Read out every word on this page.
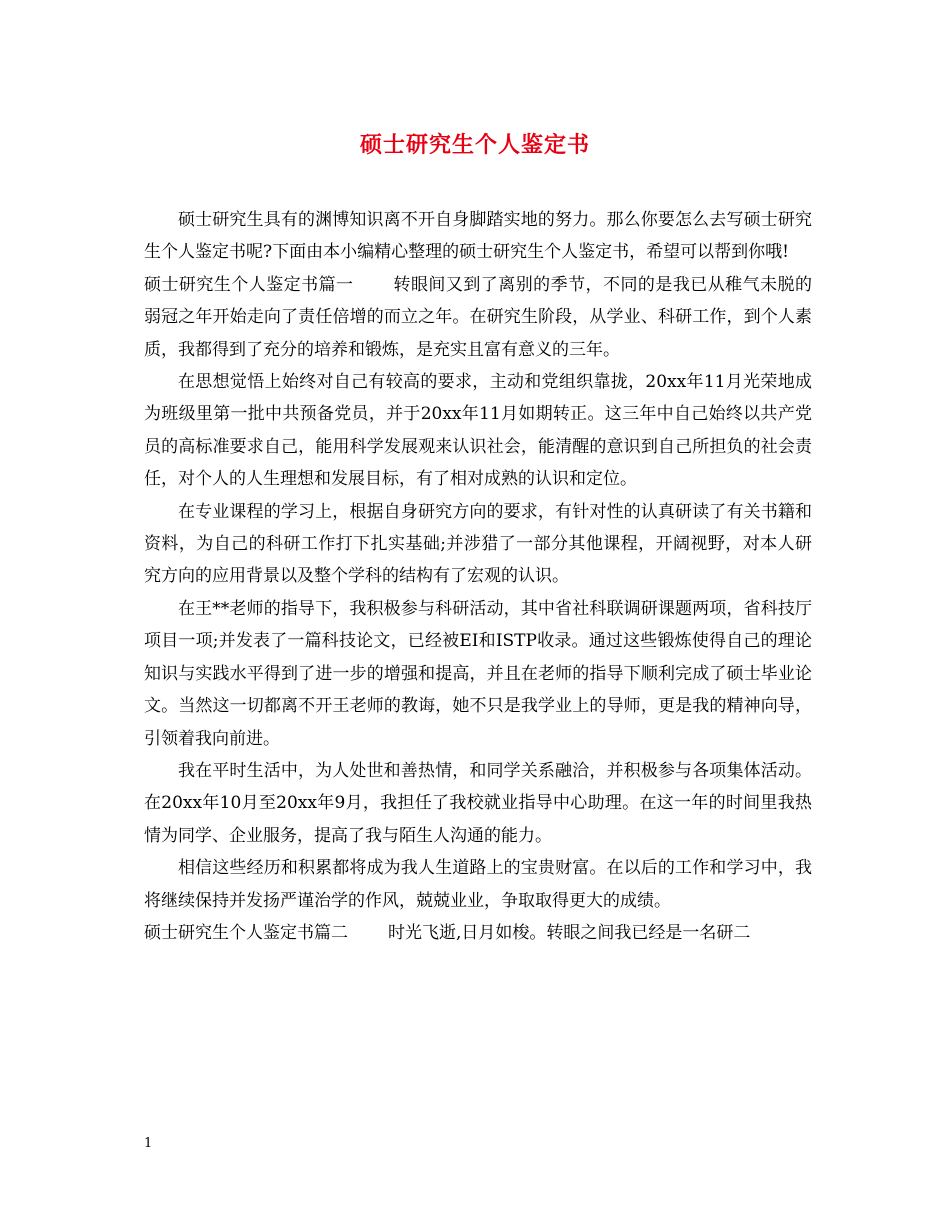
硕士研究生个人鉴定书

硕士研究生具有的渊博知识离不开自身脚踏实地的努力。那么你要怎么去写硕士研究生个人鉴定书呢?下面由本小编精心整理的硕士研究生个人鉴定书，希望可以帮到你哦!

硕士研究生个人鉴定书篇一 转眼间又到了离别的季节，不同的是我已从稚气未脱的弱冠之年开始走向了责任倍增的而立之年。在研究生阶段，从学业、科研工作，到个人素质，我都得到了充分的培养和锻炼，是充实且富有意义的三年。

在思想觉悟上始终对自己有较高的要求，主动和党组织靠拢，20xx年11月光荣地成为班级里第一批中共预备党员，并于20xx年11月如期转正。这三年中自己始终以共产党员的高标准要求自己，能用科学发展观来认识社会，能清醒的意识到自己所担负的社会责任，对个人的人生理想和发展目标，有了相对成熟的认识和定位。

在专业课程的学习上，根据自身研究方向的要求，有针对性的认真研读了有关书籍和资料，为自己的科研工作打下扎实基础;并涉猎了一部分其他课程，开阔视野，对本人研究方向的应用背景以及整个学科的结构有了宏观的认识。

在王**老师的指导下，我积极参与科研活动，其中省社科联调研课题两项，省科技厅项目一项;并发表了一篇科技论文，已经被EI和ISTP收录。通过这些锻炼使得自己的理论知识与实践水平得到了进一步的增强和提高，并且在老师的指导下顺利完成了硕士毕业论文。当然这一切都离不开王老师的教诲，她不只是我学业上的导师，更是我的精神向导，引领着我向前进。

我在平时生活中，为人处世和善热情，和同学关系融洽，并积极参与各项集体活动。在20xx年10月至20xx年9月，我担任了我校就业指导中心助理。在这一年的时间里我热情为同学、企业服务，提高了我与陌生人沟通的能力。

相信这些经历和积累都将成为我人生道路上的宝贵财富。在以后的工作和学习中，我将继续保持并发扬严谨治学的作风，兢兢业业，争取取得更大的成绩。

硕士研究生个人鉴定书篇二 时光飞逝,日月如梭。转眼之间我已经是一名研二

1
